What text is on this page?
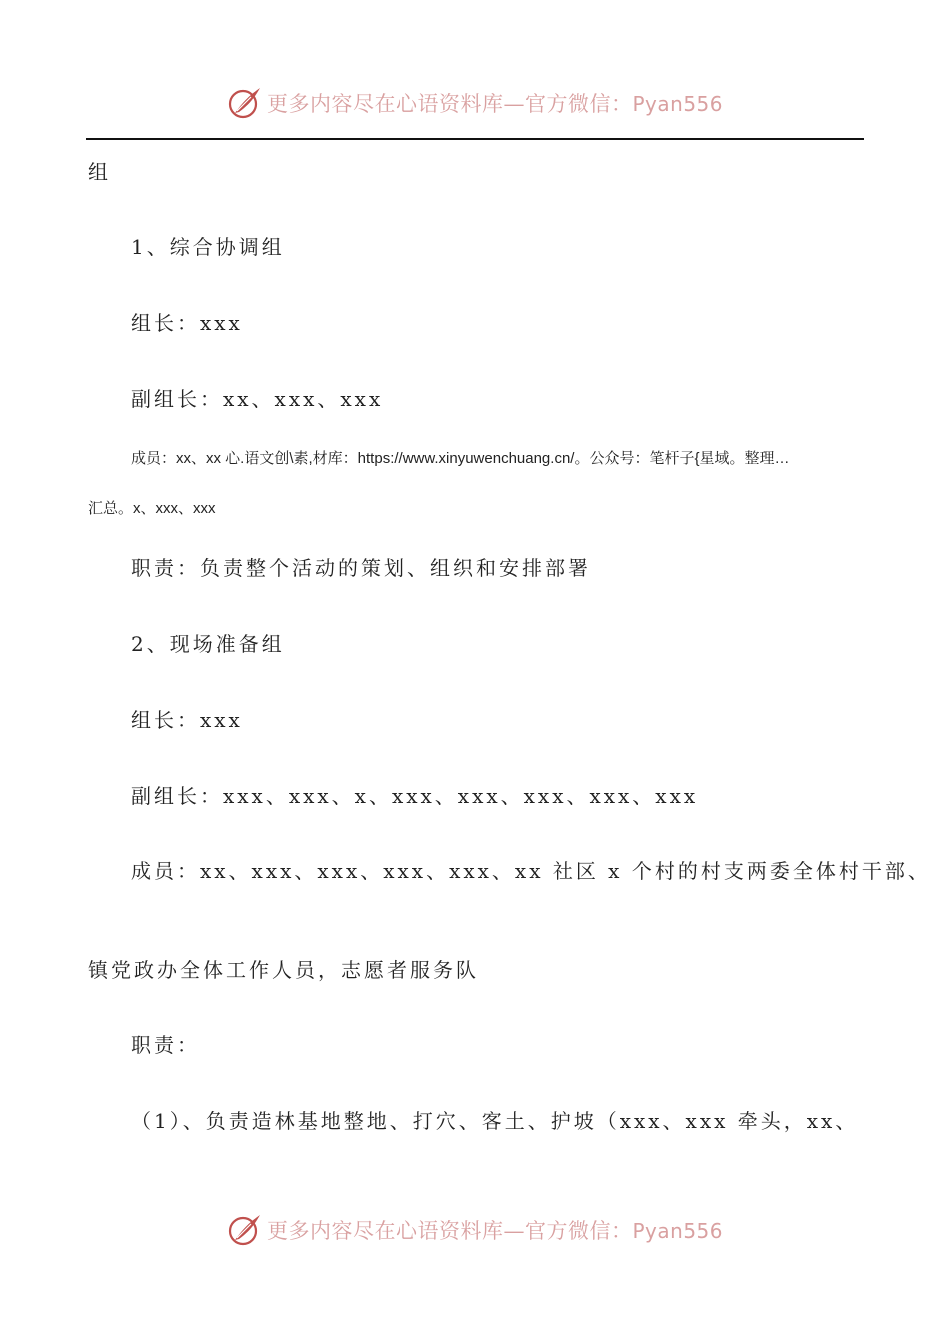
更多内容尽在心语资料库—官方微信：Pyan556
组
1、综合协调组
组长：xxx
副组长：xx、xxx、xxx
成员：xx、xx 心.语文创\素,材库：https://www.xinyuwenchuang.cn/。公众号：笔杆子{星域。整理…
汇总。x、xxx、xxx
职责：负责整个活动的策划、组织和安排部署
2、现场准备组
组长：xxx
副组长：xxx、xxx、x、xxx、xxx、xxx、xxx、xxx
成员：xx、xxx、xxx、xxx、xxx、xx 社区 x 个村的村支两委全体村干部、
镇党政办全体工作人员，志愿者服务队
职责：
（1）、负责造林基地整地、打穴、客土、护坡（xxx、xxx 牵头，xx、
更多内容尽在心语资料库—官方微信：Pyan556
